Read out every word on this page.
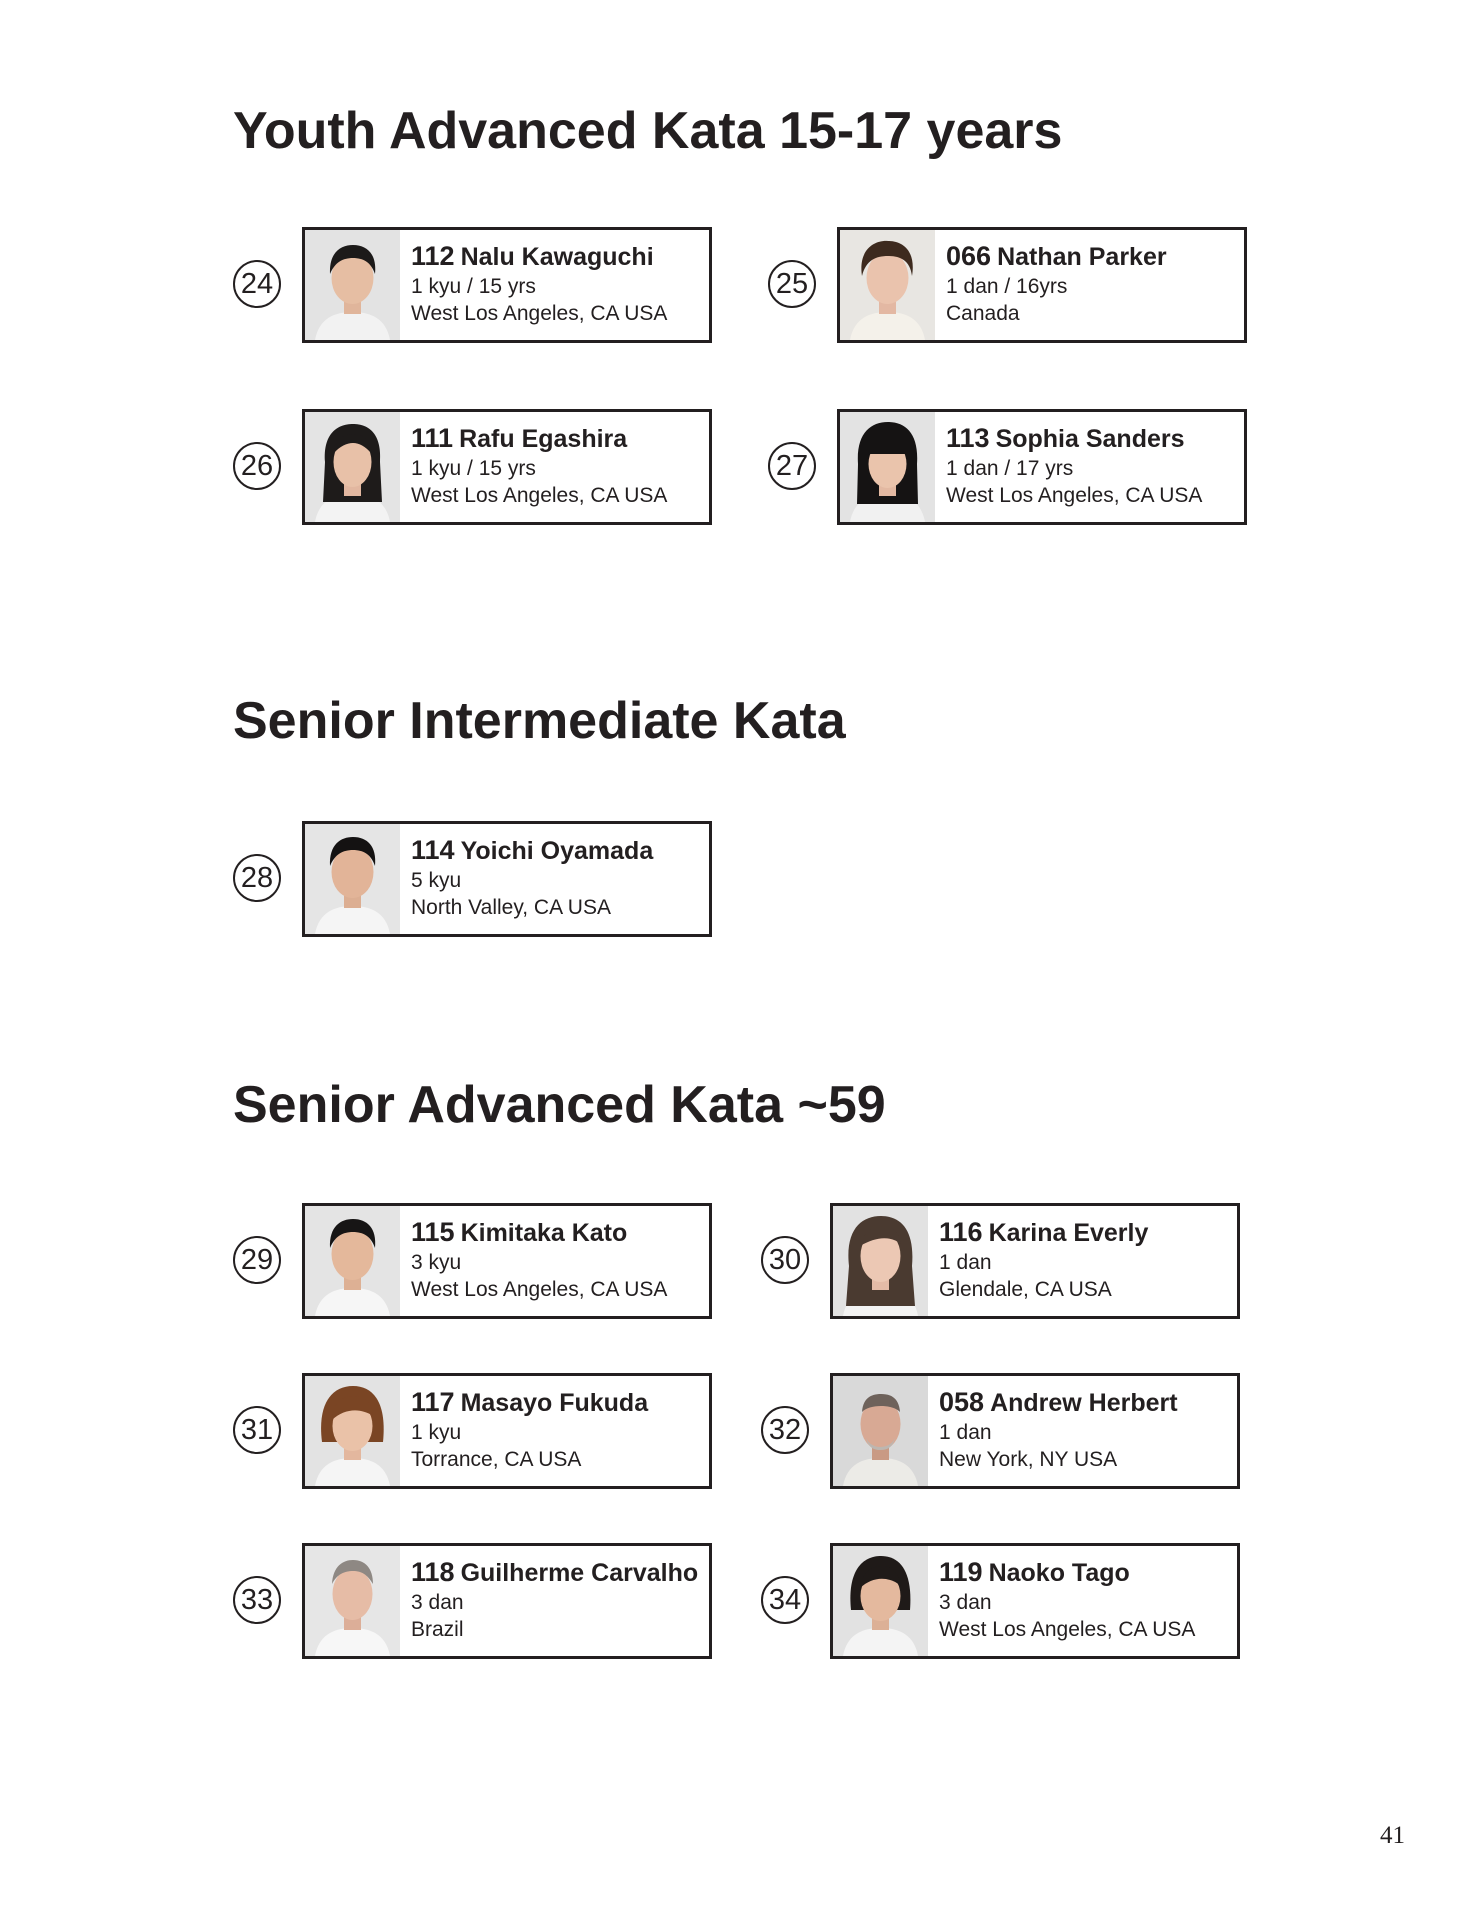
Youth Advanced Kata 15-17 years
24
112 Nalu Kawaguchi
1 kyu / 15 yrs
West Los Angeles, CA USA
25
066 Nathan Parker
1 dan / 16yrs
Canada
26
111 Rafu Egashira
1 kyu / 15 yrs
West Los Angeles, CA USA
27
113 Sophia Sanders
1 dan / 17 yrs
West Los Angeles, CA USA
Senior Intermediate Kata
28
114 Yoichi Oyamada
5 kyu
North Valley, CA USA
Senior Advanced Kata ~59
29
115 Kimitaka Kato
3 kyu
West Los Angeles, CA USA
30
116 Karina Everly
1 dan
Glendale, CA USA
31
117 Masayo Fukuda
1 kyu
Torrance, CA USA
32
058 Andrew Herbert
1 dan
New York, NY USA
33
118 Guilherme Carvalho
3 dan
Brazil
34
119 Naoko Tago
3 dan
West Los Angeles, CA USA
41
